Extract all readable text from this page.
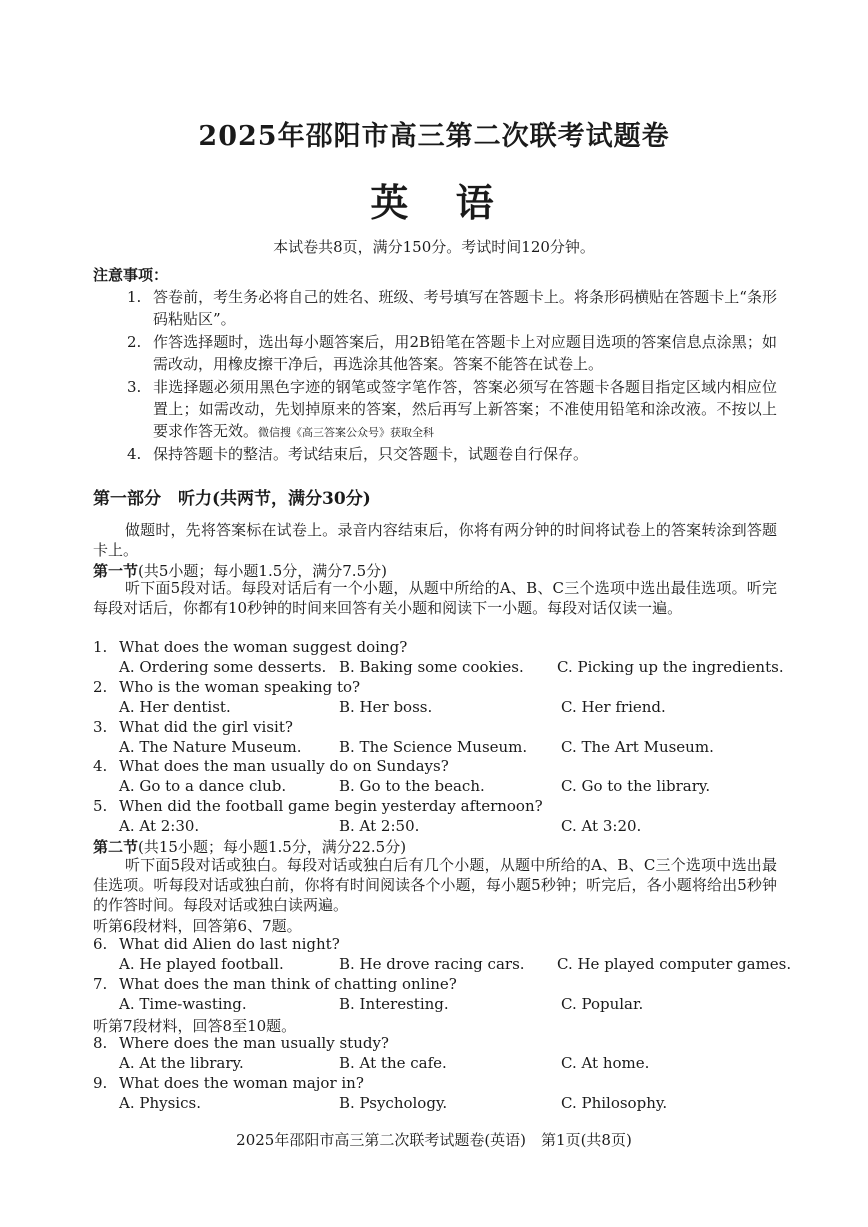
2025年邵阳市高三第二次联考试题卷
英 语
本试卷共8页，满分150分。考试时间120分钟。
注意事项：
1. 答卷前，考生务必将自己的姓名、班级、考号填写在答题卡上。将条形码横贴在答题卡上“条形码粘贴区”。
2. 作答选择题时，选出每小题答案后，用2B铅笔在答题卡上对应题目选项的答案信息点涂黑；如需改动，用橡皮擦干净后，再选涂其他答案。答案不能答在试卷上。
3. 非选择题必须用黑色字迹的钢笔或签字笔作答，答案必须写在答题卡各题目指定区域内相应位置上；如需改动，先划掉原来的答案，然后再写上新答案；不准使用铅笔和涂改液。不按以上要求作答无效。微信搜《高三答案公众号》获取全科
4. 保持答题卡的整洁。考试结束后，只交答题卡，试题卷自行保存。
第一部分　听力(共两节，满分30分)
做题时，先将答案标在试卷上。录音内容结束后，你将有两分钟的时间将试卷上的答案转涂到答题卡上。
第一节(共5小题；每小题1.5分，满分7.5分)
听下面5段对话。每段对话后有一个小题，从题中所给的A、B、C三个选项中选出最佳选项。听完每段对话后，你都有10秒钟的时间来回答有关小题和阅读下一小题。每段对话仅读一遍。
1. What does the woman suggest doing?
A. Ordering some desserts. B. Baking some cookies. C. Picking up the ingredients.
2. Who is the woman speaking to?
A. Her dentist.	B. Her boss.	C. Her friend.
3. What did the girl visit?
A. The Nature Museum.	B. The Science Museum. C. The Art Museum.
4. What does the man usually do on Sundays?
A. Go to a dance club.	B. Go to the beach.	C. Go to the library.
5. When did the football game begin yesterday afternoon?
A. At 2:30.	B. At 2:50.	C. At 3:20.
第二节(共15小题；每小题1.5分，满分22.5分)
听下面5段对话或独白。每段对话或独白后有几个小题，从题中所给的A、B、C三个选项中选出最佳选项。听每段对话或独白前，你将有时间阅读各个小题，每小题5秒钟；听完后，各小题将给出5秒钟的作答时间。每段对话或独白读两遍。
听第6段材料，回答第6、7题。
6. What did Alien do last night?
A. He played football.	B. He drove racing cars. C. He played computer games.
7. What does the man think of chatting online?
A. Time-wasting.	B. Interesting.	C. Popular.
听第7段材料，回答8至10题。
8. Where does the man usually study?
A. At the library.	B. At the cafe.	C. At home.
9. What does the woman major in?
A. Physics.	B. Psychology.	C. Philosophy.
2025年邵阳市高三第二次联考试题卷(英语)　第1页(共8页)
